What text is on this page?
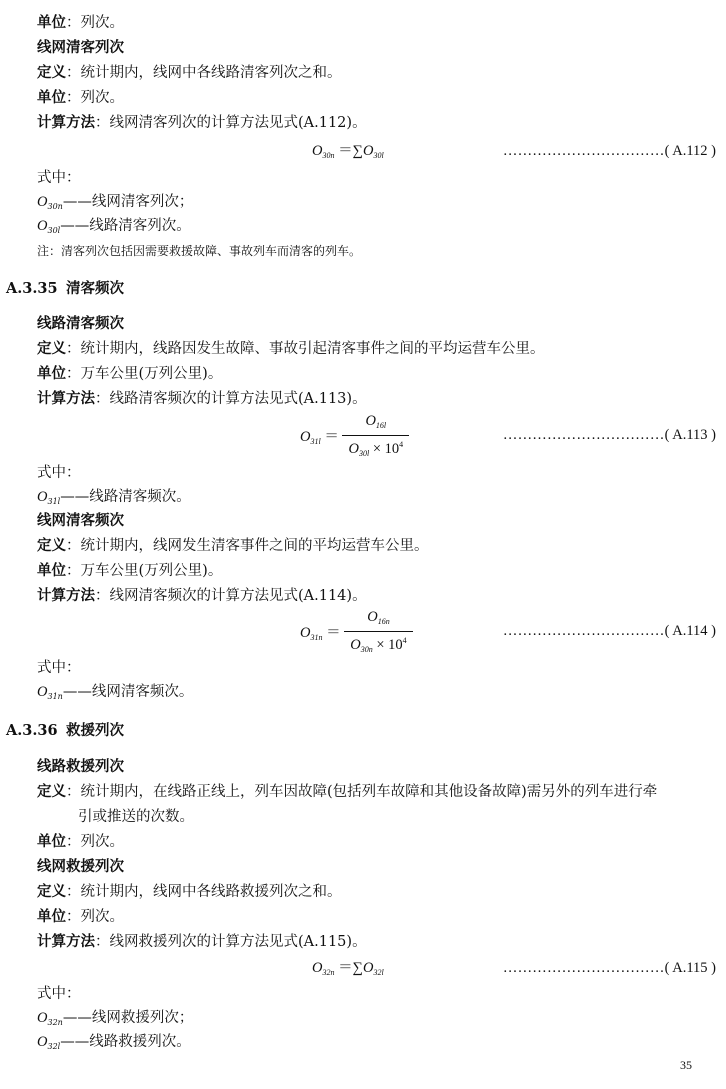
单位：列次。
线网清客列次
定义：统计期内，线网中各线路清客列次之和。
单位：列次。
计算方法：线网清客列次的计算方法见式(A.112)。
$O_{30n} =\sum O_{30l}$	……………………………( A.112 )
式中：
$O_{30n}——$线网清客列次；
$O_{30l}——$线路清客列次。
注：清客列次包括因需要救援故障、事故列车而清客的列车。
A.3.35 清客频次
线路清客频次
定义：统计期内，线路因发生故障、事故引起清客事件之间的平均运营车公里。
单位：万车公里(万列公里)。
计算方法：线路清客频次的计算方法见式(A.113)。
$O_{31l} = \frac{O_{16l}}{O_{30l} \times 10^4}$	……………………………( A.113 )
式中：
$O_{31l}——$线路清客频次。
线网清客频次
定义：统计期内，线网发生清客事件之间的平均运营车公里。
单位：万车公里(万列公里)。
计算方法：线网清客频次的计算方法见式(A.114)。
$O_{31n} = \frac{O_{16n}}{O_{30n} \times 10^4}$	……………………………( A.114 )
式中：
$O_{31n}——$线网清客频次。
A.3.36 救援列次
线路救援列次
定义：统计期内，在线路正线上，列车因故障(包括列车故障和其他设备故障)需另外的列车进行牵
引或推送的次数。
单位：列次。
线网救援列次
定义：统计期内，线网中各线路救援列次之和。
单位：列次。
计算方法：线网救援列次的计算方法见式(A.115)。
$O_{32n} =\sum O_{32l}$	……………………………( A.115 )
式中：
$O_{32n}——$线网救援列次；
$O_{32l}——$线路救援列次。
35
